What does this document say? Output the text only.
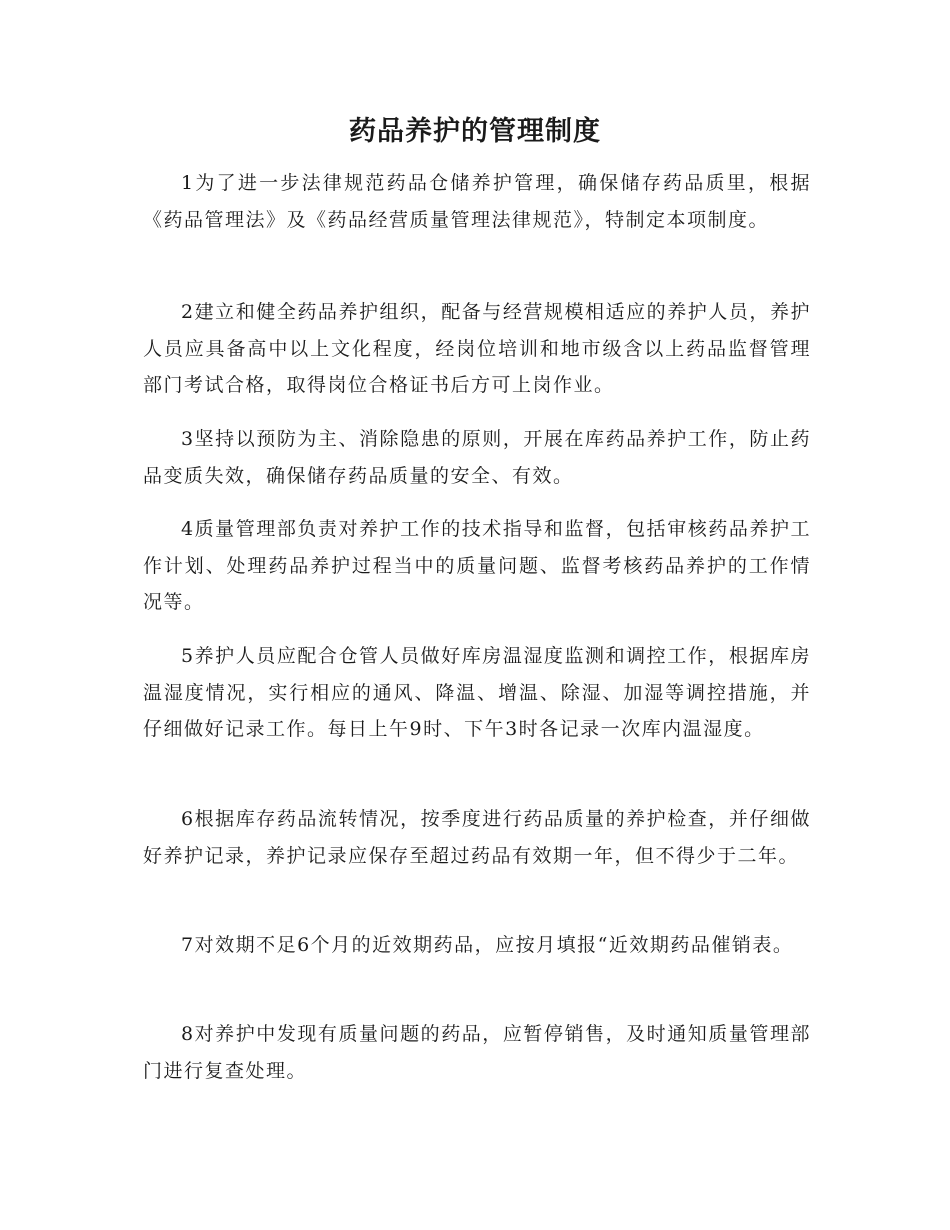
药品养护的管理制度

1为了进一步法律规范药品仓储养护管理，确保储存药品质里，根据《药品管理法》及《药品经营质量管理法律规范》，特制定本项制度。

2建立和健全药品养护组织，配备与经营规模相适应的养护人员，养护人员应具备高中以上文化程度，经岗位培训和地市级含以上药品监督管理部门考试合格，取得岗位合格证书后方可上岗作业。

3坚持以预防为主、消除隐患的原则，开展在库药品养护工作，防止药品变质失效，确保储存药品质量的安全、有效。

4质量管理部负责对养护工作的技术指导和监督，包括审核药品养护工作计划、处理药品养护过程当中的质量问题、监督考核药品养护的工作情况等。

5养护人员应配合仓管人员做好库房温湿度监测和调控工作，根据库房温湿度情况，实行相应的通风、降温、增温、除湿、加湿等调控措施，并仔细做好记录工作。每日上午9时、下午3时各记录一次库内温湿度。

6根据库存药品流转情况，按季度进行药品质量的养护检查，并仔细做好养护记录，养护记录应保存至超过药品有效期一年，但不得少于二年。

7对效期不足6个月的近效期药品，应按月填报“近效期药品催销表。

8对养护中发现有质量问题的药品，应暂停销售，及时通知质量管理部门进行复查处理。
